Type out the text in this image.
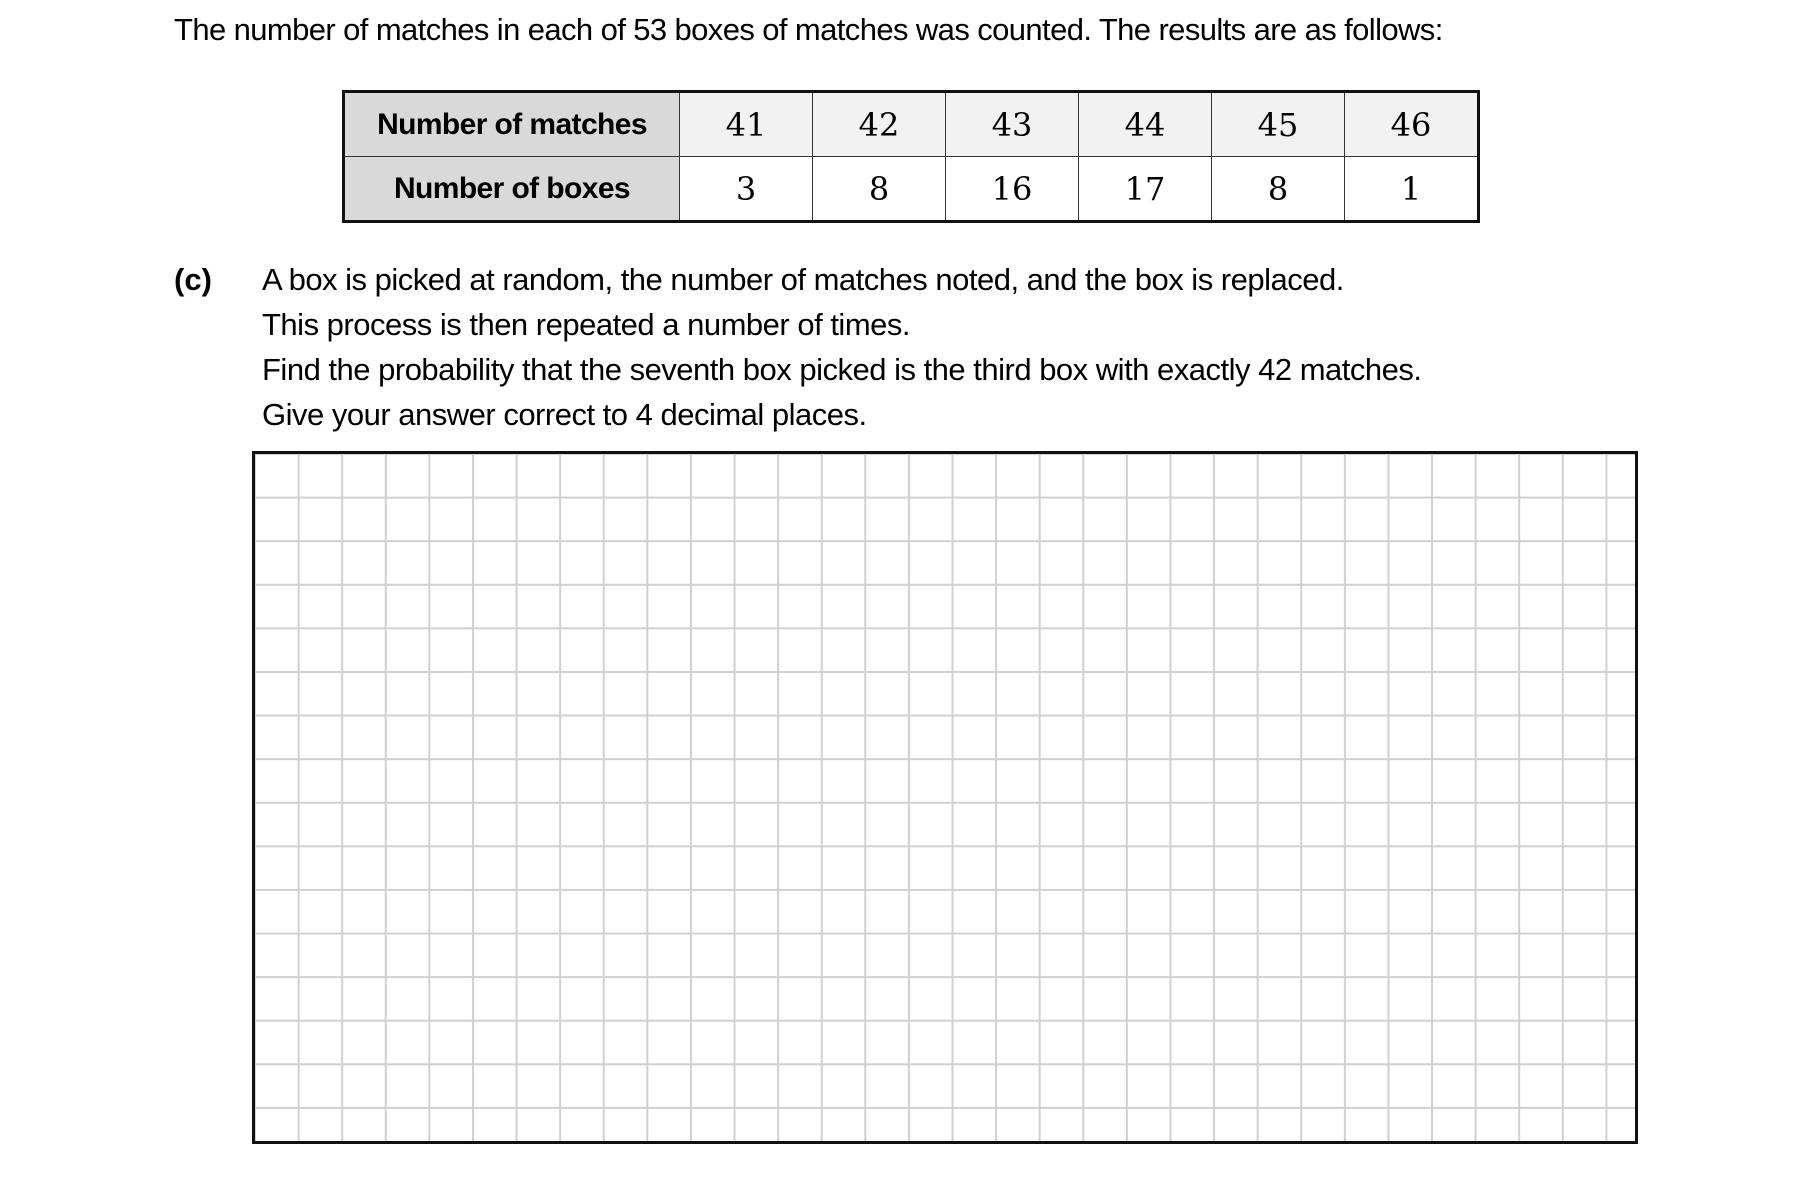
The number of matches in each of 53 boxes of matches was counted. The results are as follows:
Number of matches	41	42	43	44	45	46
Number of boxes	3	8	16	17	8	1
(c) A box is picked at random, the number of matches noted, and the box is replaced.
This process is then repeated a number of times.
Find the probability that the seventh box picked is the third box with exactly 42 matches.
Give your answer correct to 4 decimal places.
